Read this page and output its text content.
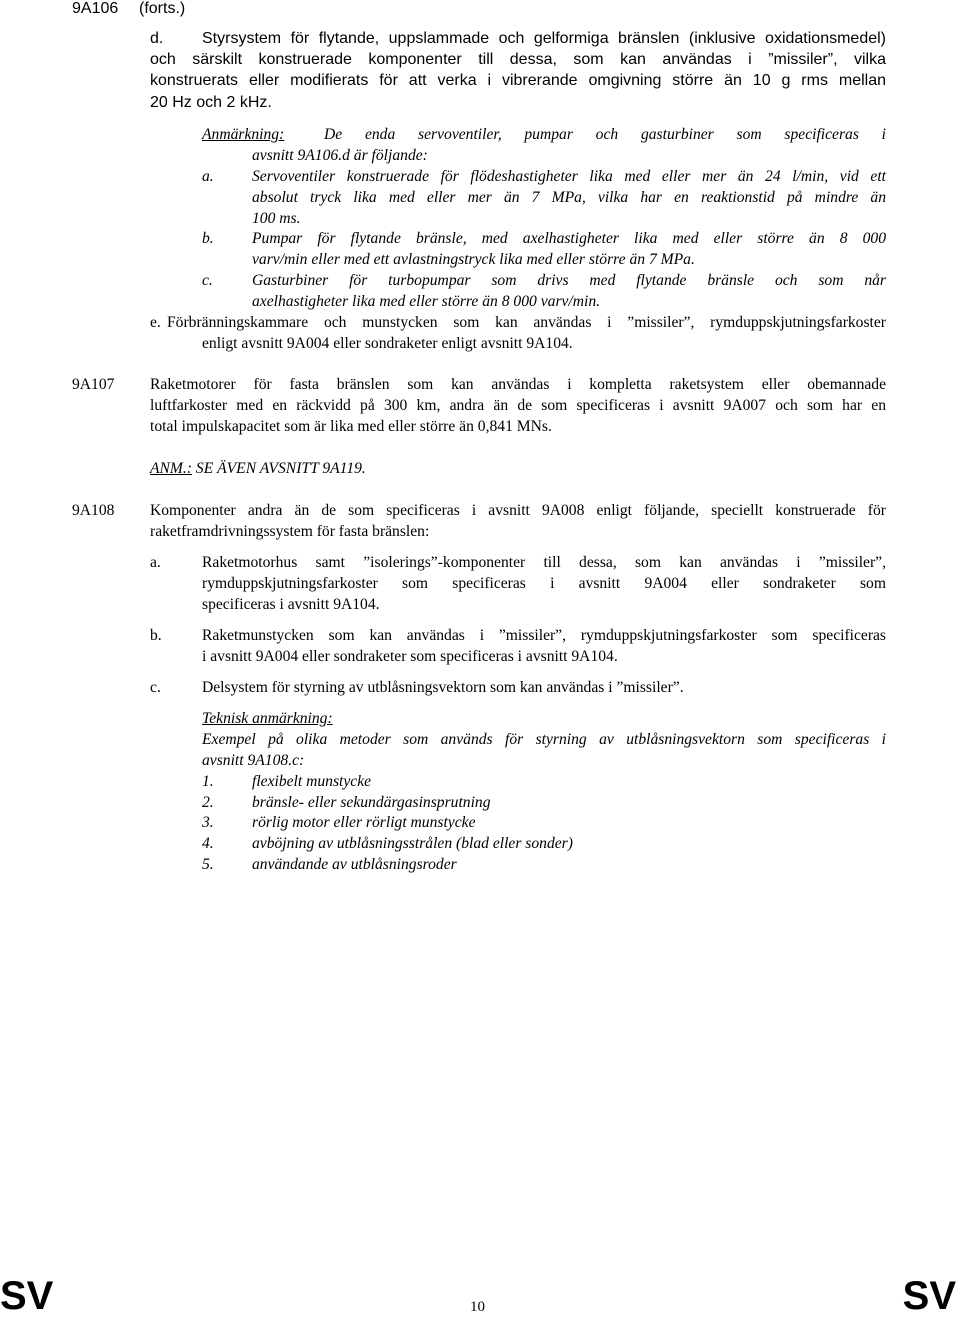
9A106 (forts.)
d. Styrsystem för flytande, uppslammade och gelformiga bränslen (inklusive oxidationsmedel)
och särskilt konstruerade komponenter till dessa, som kan användas i ”missiler”, vilka
konstruerats eller modifierats för att verka i vibrerande omgivning större än 10 g rms mellan
20 Hz och 2 kHz.
Anmärkning:	De enda servoventiler, pumpar och gasturbiner som specificeras i
avsnitt 9A106.d är följande:
a. Servoventiler konstruerade för flödeshastigheter lika med eller mer än 24 l/min, vid ett
absolut tryck lika med eller mer än 7 MPa, vilka har en reaktionstid på mindre än
100 ms.
b. Pumpar för flytande bränsle, med axelhastigheter lika med eller större än 8 000
varv/min eller med ett avlastningstryck lika med eller större än 7 MPa.
c.	Gasturbiner för turbopumpar som drivs med flytande bränsle och som når
axelhastigheter lika med eller större än 8 000 varv/min.
e. Förbränningskammare och munstycken som kan användas i ”missiler”, rymduppskjutningsfarkoster
enligt avsnitt 9A004 eller sondraketer enligt avsnitt 9A104.
9A107 Raketmotorer för fasta bränslen som kan användas i kompletta raketsystem eller obemannade
luftfarkoster med en räckvidd på 300 km, andra än de som specificeras i avsnitt 9A007 och som har en
total impulskapacitet som är lika med eller större än 0,841 MNs.
ANM.: SE ÄVEN AVSNITT 9A119.
9A108 Komponenter andra än de som specificeras i avsnitt 9A008 enligt följande, speciellt konstruerade för
raketframdrivningssystem för fasta bränslen:
a.	Raketmotorhus samt ”isolerings”-komponenter till dessa, som kan användas i ”missiler”,
rymduppskjutningsfarkoster som specificeras i avsnitt 9A004 eller sondraketer som
specificeras i avsnitt 9A104.
b.	Raketmunstycken som kan användas i ”missiler”, rymduppskjutningsfarkoster som specificeras
i avsnitt 9A004 eller sondraketer som specificeras i avsnitt 9A104.
c.	Delsystem för styrning av utblåsningsvektorn som kan användas i ”missiler”.
Teknisk anmärkning:
Exempel på olika metoder som används för styrning av utblåsningsvektorn som specificeras i
avsnitt 9A108.c:
1. flexibelt munstycke
2. bränsle- eller sekundärgasinsprutning
3. rörlig motor eller rörligt munstycke
4. avböjning av utblåsningsstrålen (blad eller sonder)
5. användande av utblåsningsroder
SV	10	SV
